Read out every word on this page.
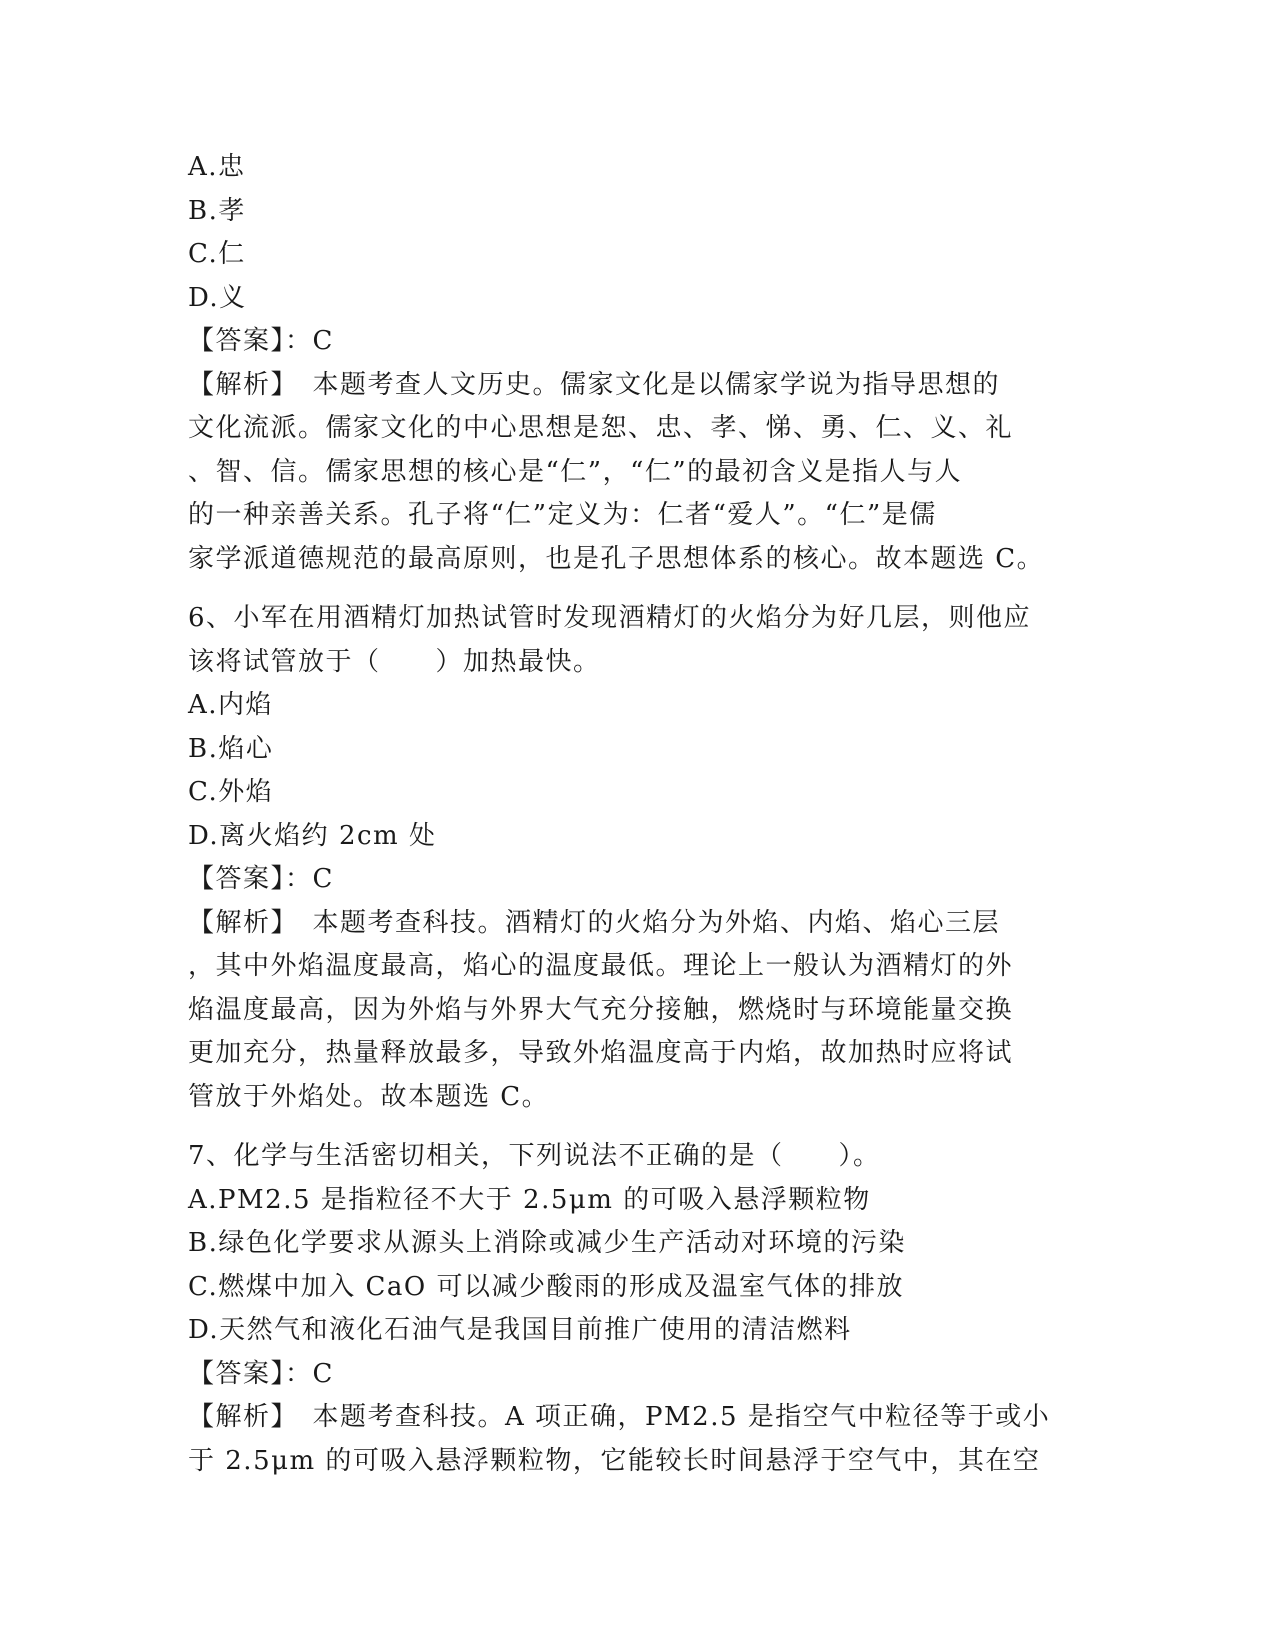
A.忠
B.孝
C.仁
D.义
【答案】：C
【解析】　本题考查人文历史。儒家文化是以儒家学说为指导思想的
文化流派。儒家文化的中心思想是恕、忠、孝、悌、勇、仁、义、礼
、智、信。儒家思想的核心是“仁”，“仁”的最初含义是指人与人
的一种亲善关系。孔子将“仁”定义为：仁者“爱人”。“仁”是儒
家学派道德规范的最高原则，也是孔子思想体系的核心。故本题选 C。
6、小军在用酒精灯加热试管时发现酒精灯的火焰分为好几层，则他应
该将试管放于（　　）加热最快。
A.内焰
B.焰心
C.外焰
D.离火焰约 2cm 处
【答案】：C
【解析】　本题考查科技。酒精灯的火焰分为外焰、内焰、焰心三层
，其中外焰温度最高，焰心的温度最低。理论上一般认为酒精灯的外
焰温度最高，因为外焰与外界大气充分接触，燃烧时与环境能量交换
更加充分，热量释放最多，导致外焰温度高于内焰，故加热时应将试
管放于外焰处。故本题选 C。
7、化学与生活密切相关，下列说法不正确的是（　　）。
A.PM2.5 是指粒径不大于 2.5μm 的可吸入悬浮颗粒物
B.绿色化学要求从源头上消除或减少生产活动对环境的污染
C.燃煤中加入 CaO 可以减少酸雨的形成及温室气体的排放
D.天然气和液化石油气是我国目前推广使用的清洁燃料
【答案】：C
【解析】　本题考查科技。A 项正确，PM2.5 是指空气中粒径等于或小
于 2.5μm 的可吸入悬浮颗粒物，它能较长时间悬浮于空气中，其在空
